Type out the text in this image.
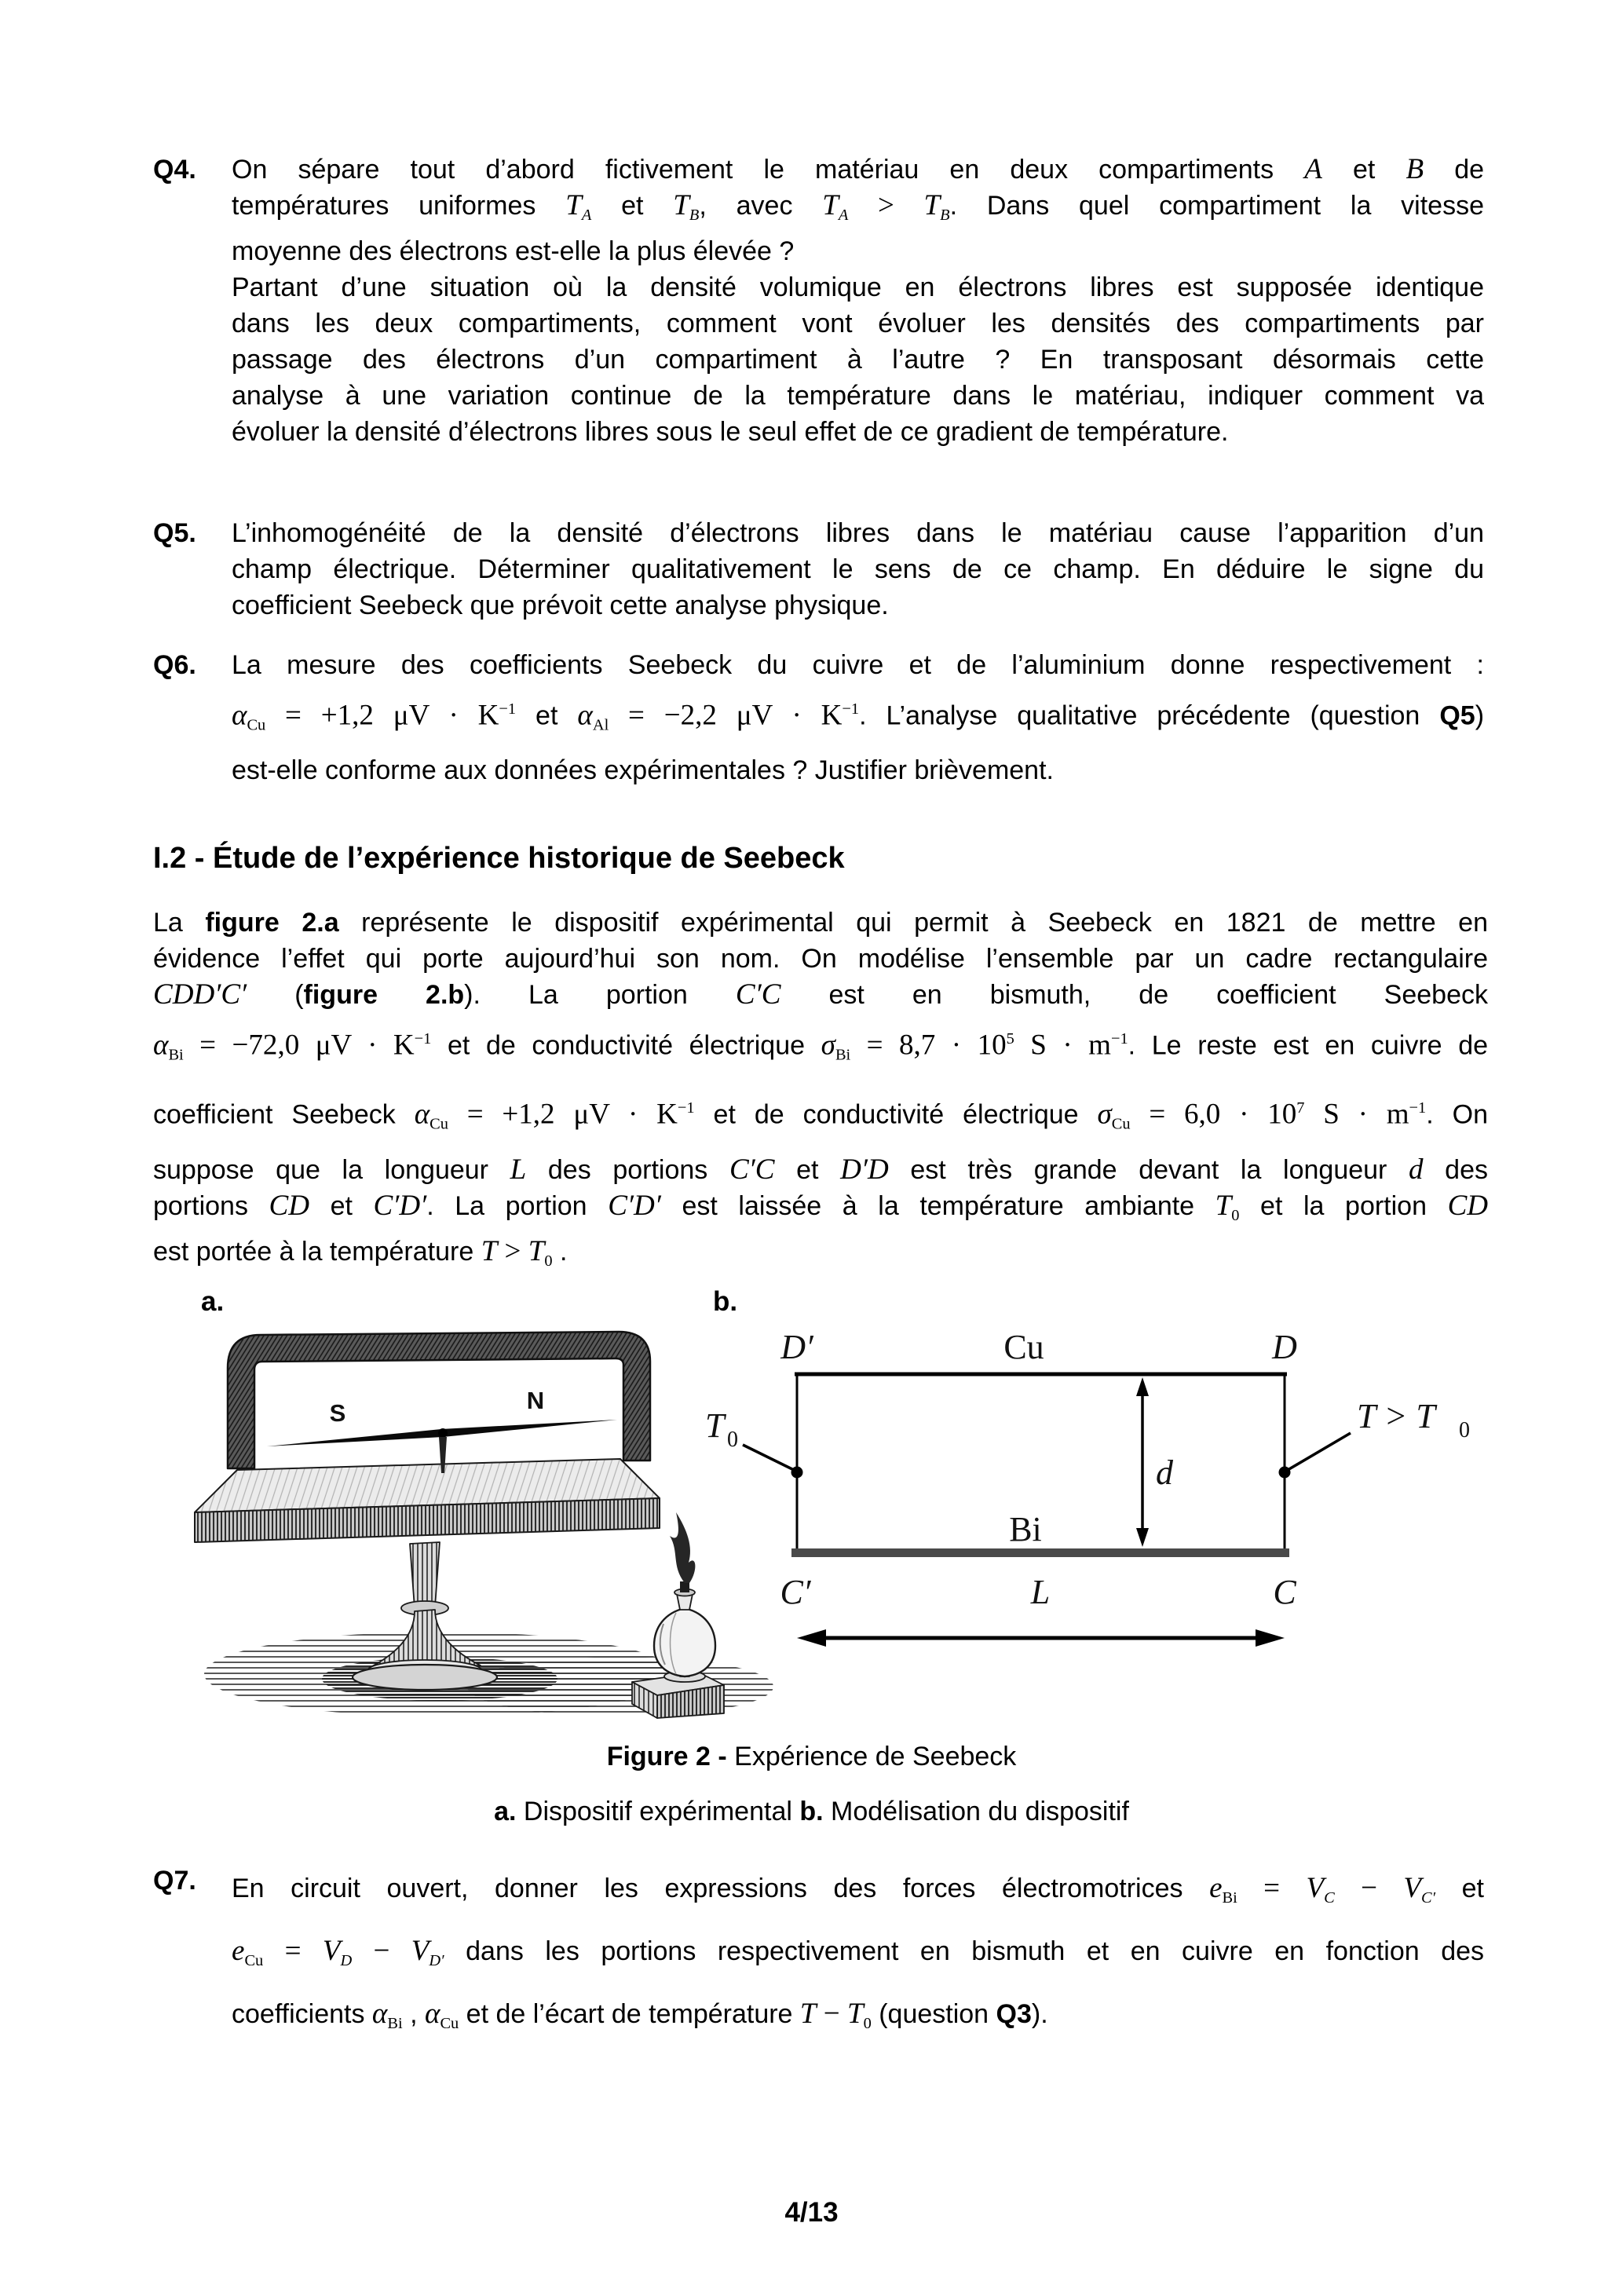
Q4.	On sépare tout d’abord fictivement le matériau en deux compartiments A et B de
températures uniformes $T_A$ et $T_B$, avec $T_A > T_B$. Dans quel compartiment la vitesse
moyenne des électrons est-elle la plus élevée ?
Partant d’une situation où la densité volumique en électrons libres est supposée identique
dans les deux compartiments, comment vont évoluer les densités des compartiments par
passage des électrons d’un compartiment à l’autre ? En transposant désormais cette
analyse à une variation continue de la température dans le matériau, indiquer comment va
évoluer la densité d’électrons libres sous le seul effet de ce gradient de température.
Q5.	L’inhomogénéité de la densité d’électrons libres dans le matériau cause l’apparition d’un
champ électrique. Déterminer qualitativement le sens de ce champ. En déduire le signe du
coefficient Seebeck que prévoit cette analyse physique.
Q6.	La mesure des coefficients Seebeck du cuivre et de l’aluminium donne respectivement :
$\alpha_{Cu} = +1,2$ $\mu V \cdot K^{-1}$ et $\alpha_{Al} = -2,2$ $\mu V \cdot K^{-1}$. L’analyse qualitative précédente (question Q5)
est-elle conforme aux données expérimentales ? Justifier brièvement.
I.2 - Étude de l’expérience historique de Seebeck
La figure 2.a représente le dispositif expérimental qui permit à Seebeck en 1821 de mettre en
évidence l’effet qui porte aujourd’hui son nom. On modélise l’ensemble par un cadre rectangulaire
CDD′C′ (figure 2.b). La portion C′C est en bismuth, de coefficient Seebeck
$\alpha_{Bi} = -72,0$ $\mu V \cdot K^{-1}$ et de conductivité électrique $\sigma_{Bi} = 8,7 \cdot 10^5$ $S \cdot m^{-1}$. Le reste est en cuivre de
coefficient Seebeck $\alpha_{Cu} = +1,2$ $\mu V \cdot K^{-1}$ et de conductivité électrique $\sigma_{Cu} = 6,0 \cdot 10^7$ $S \cdot m^{-1}$. On
suppose que la longueur L des portions C′C et D′D est très grande devant la longueur d des
portions CD et C′D′. La portion C′D′ est laissée à la température ambiante $T_0$ et la portion CD
est portée à la température $T > T_0$ .
a.	b.
S	N
D′	Cu	D
C′	C
Bi
T 0
T > T 0
d
L
Figure 2 - Expérience de Seebeck
a. Dispositif expérimental b. Modélisation du dispositif
Q7.	En circuit ouvert, donner les expressions des forces électromotrices $e_{Bi} = V_C - V_{C'}$ et
$e_{Cu} = V_D - V_{D'}$ dans les portions respectivement en bismuth et en cuivre en fonction des
coefficients $\alpha_{Bi}$ , $\alpha_{Cu}$ et de l’écart de température $T - T_0$ (question Q3).
4/13
